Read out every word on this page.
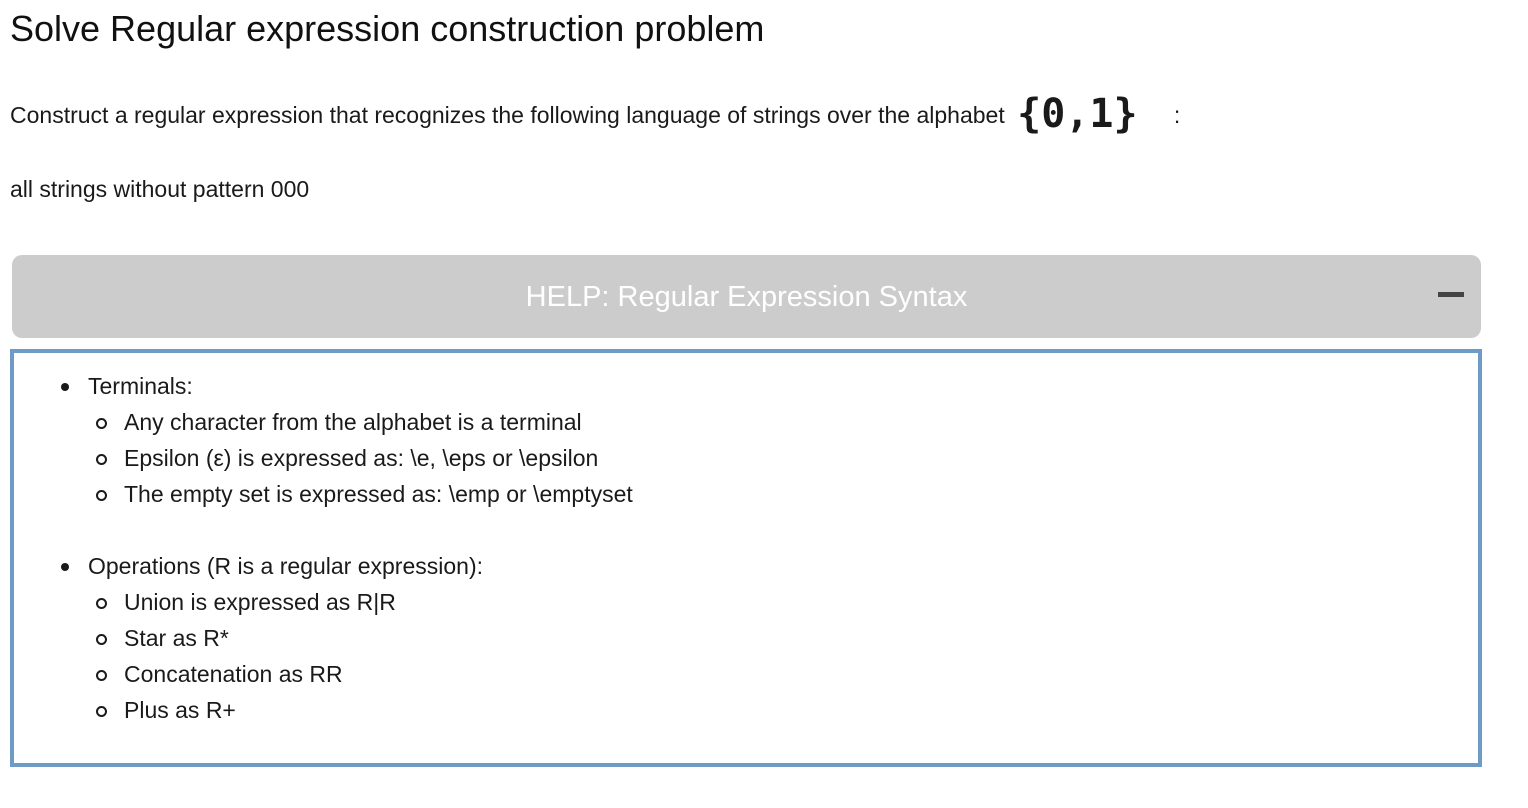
Solve Regular expression construction problem
Construct a regular expression that recognizes the following language of strings over the alphabet {0,1} :
all strings without pattern 000
HELP: Regular Expression Syntax
Terminals:
Any character from the alphabet is a terminal
Epsilon (ε) is expressed as: \e, \eps or \epsilon
The empty set is expressed as: \emp or \emptyset
Operations (R is a regular expression):
Union is expressed as R|R
Star as R*
Concatenation as RR
Plus as R+
